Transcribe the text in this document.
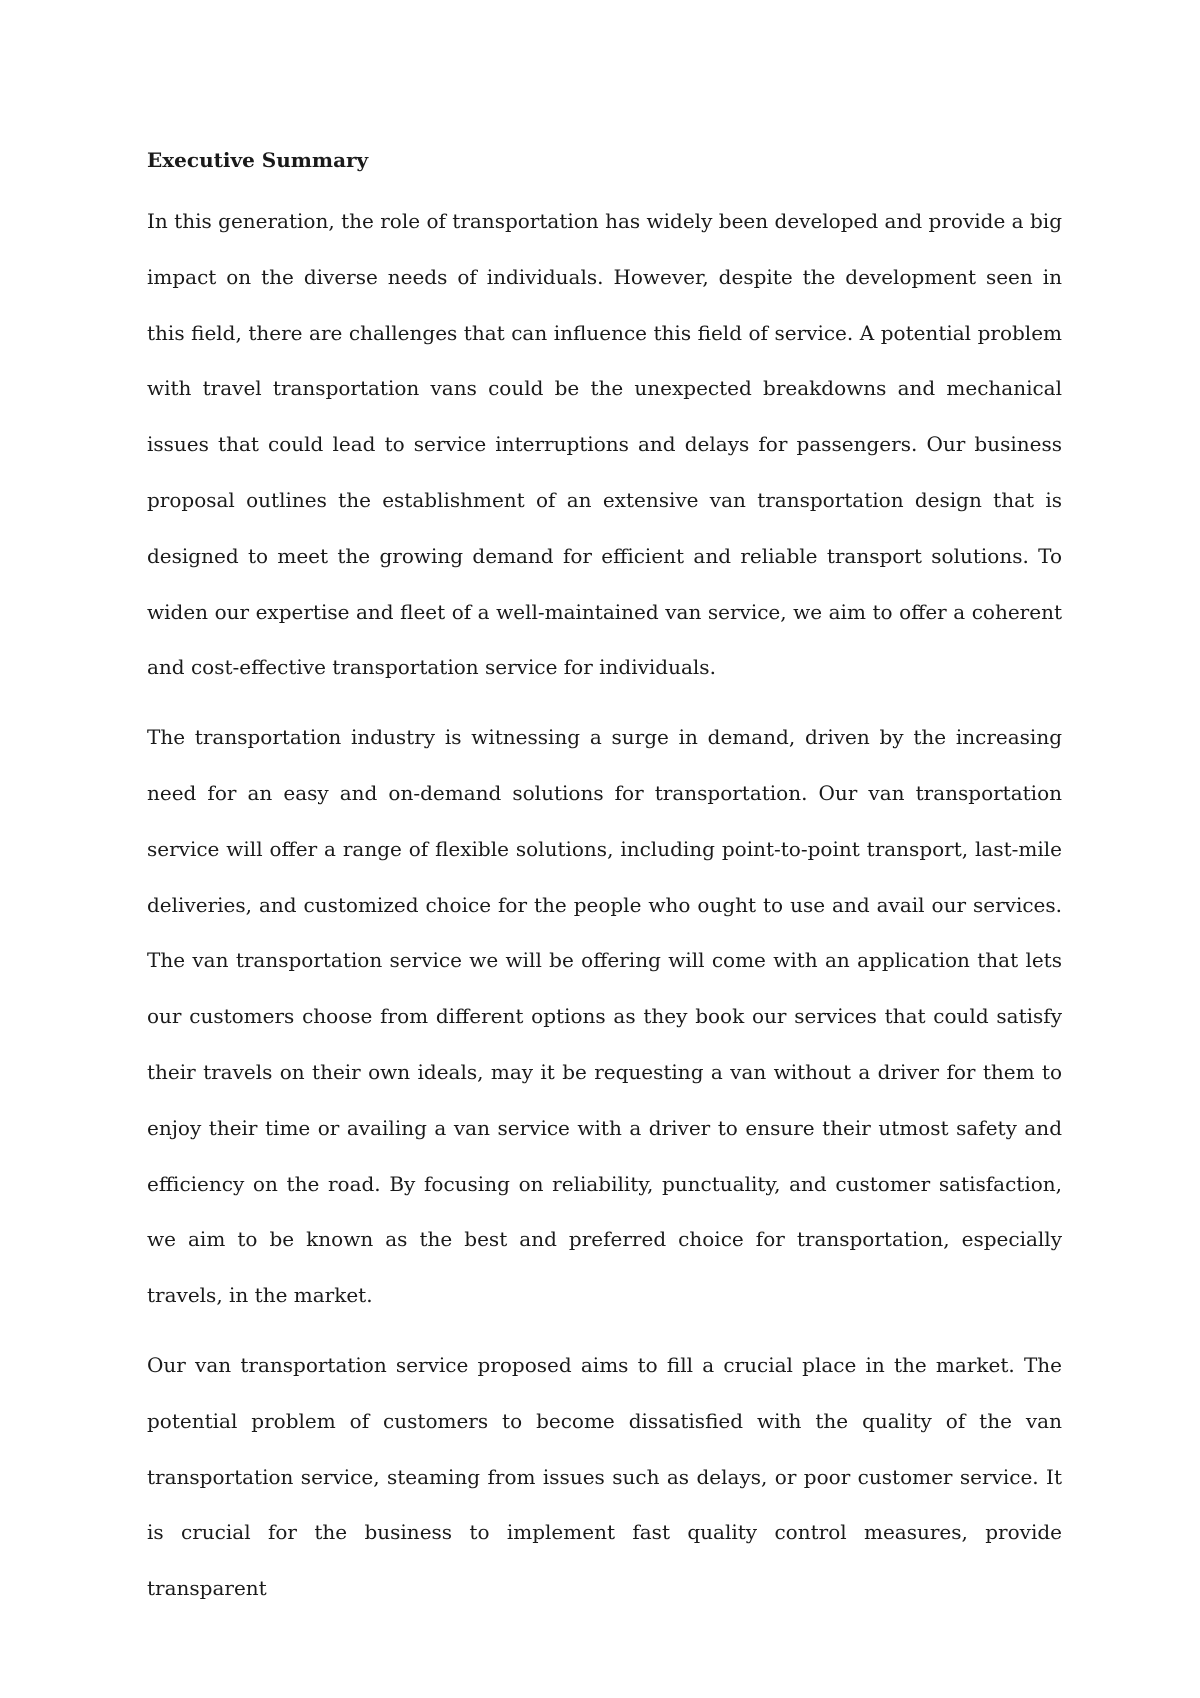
Executive Summary

In this generation, the role of transportation has widely been developed and provide a big impact on the diverse needs of individuals. However, despite the development seen in this field, there are challenges that can influence this field of service. A potential problem with travel transportation vans could be the unexpected breakdowns and mechanical issues that could lead to service interruptions and delays for passengers. Our business proposal outlines the establishment of an extensive van transportation design that is designed to meet the growing demand for efficient and reliable transport solutions. To widen our expertise and fleet of a well-maintained van service, we aim to offer a coherent and cost-effective transportation service for individuals.

The transportation industry is witnessing a surge in demand, driven by the increasing need for an easy and on-demand solutions for transportation. Our van transportation service will offer a range of flexible solutions, including point-to-point transport, last-mile deliveries, and customized choice for the people who ought to use and avail our services. The van transportation service we will be offering will come with an application that lets our customers choose from different options as they book our services that could satisfy their travels on their own ideals, may it be requesting a van without a driver for them to enjoy their time or availing a van service with a driver to ensure their utmost safety and efficiency on the road. By focusing on reliability, punctuality, and customer satisfaction, we aim to be known as the best and preferred choice for transportation, especially travels, in the market.

Our van transportation service proposed aims to fill a crucial place in the market. The potential problem of customers to become dissatisfied with the quality of the van transportation service, steaming from issues such as delays, or poor customer service. It is crucial for the business to implement fast quality control measures, provide transparent
